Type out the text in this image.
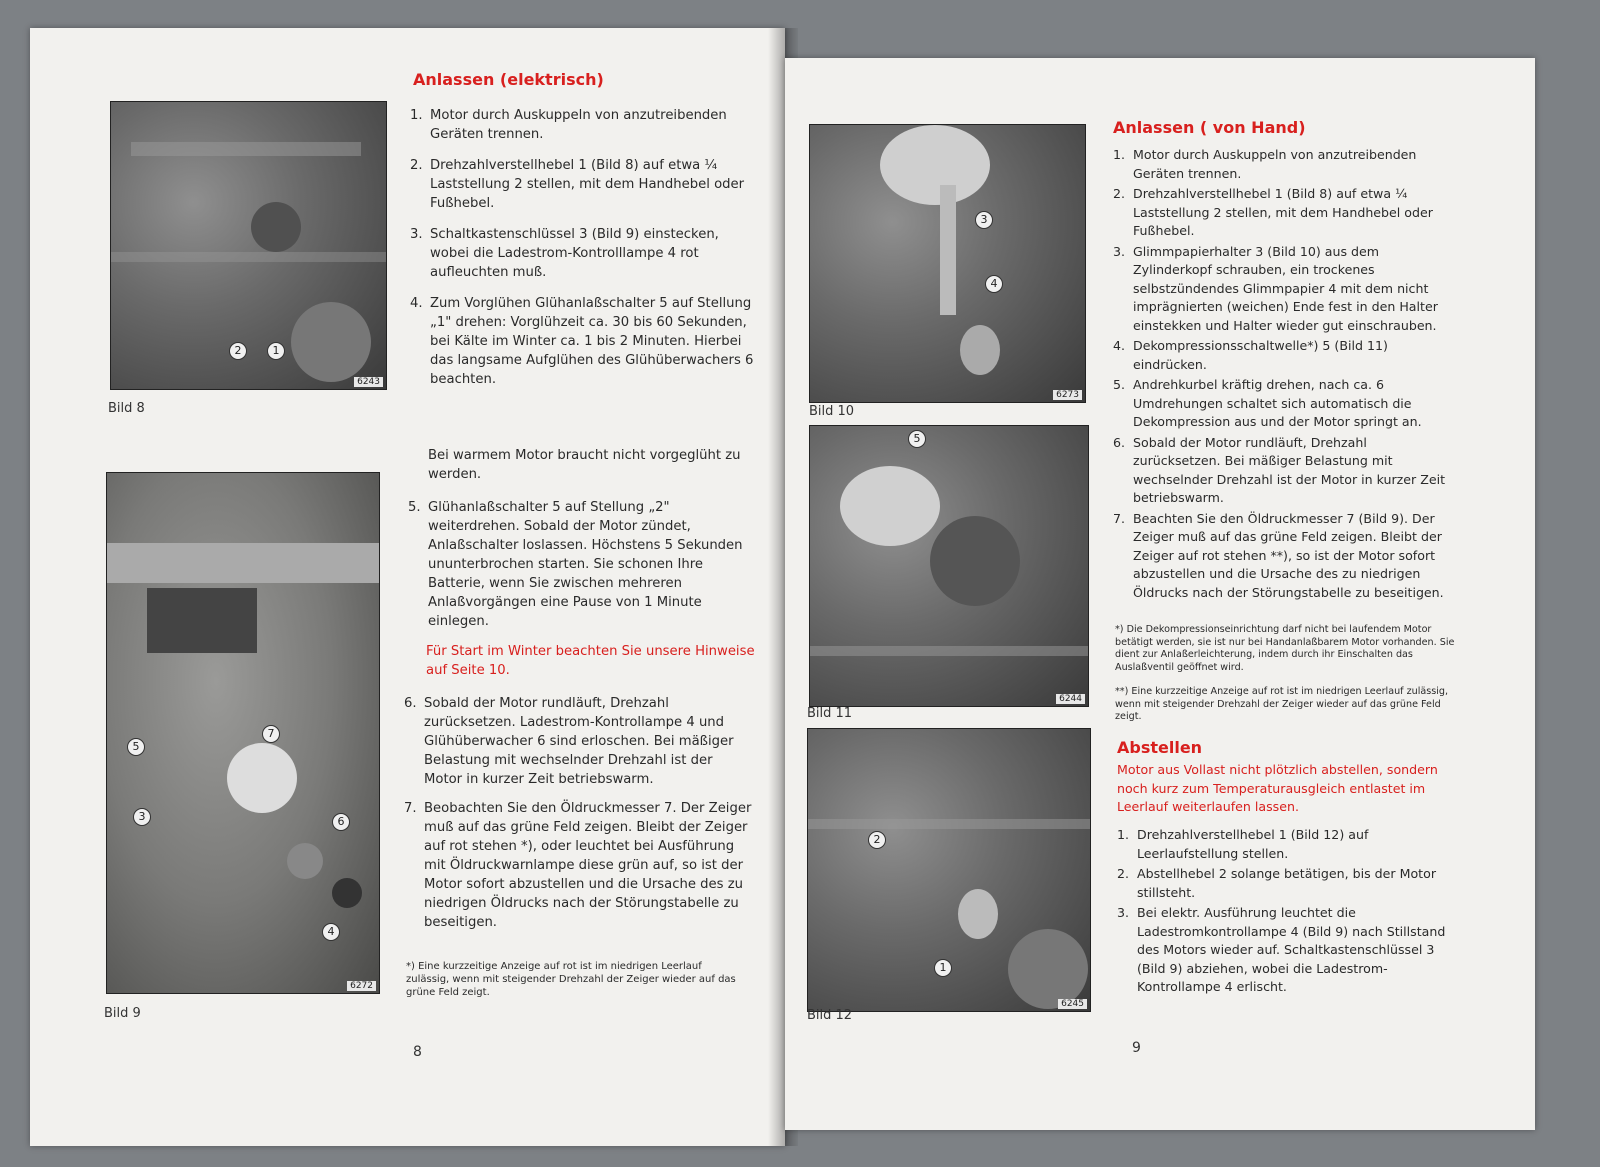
Anlassen (elektrisch)
2	1
6243
Bild 8
5
7
3	6
4
6272
Bild 9
1. Motor durch Auskuppeln von anzutreibenden Geräten trennen.
2. Drehzahlverstellhebel 1 (Bild 8) auf etwa ¼ Laststellung 2 stellen, mit dem Handhebel oder Fußhebel.
3. Schaltkastenschlüssel 3 (Bild 9) einstecken, wobei die Ladestrom-Kontrolllampe 4 rot aufleuchten muß.
4. Zum Vorglühen Glühanlaßschalter 5 auf Stellung „1" drehen: Vorglühzeit ca. 30 bis 60 Sekunden, bei Kälte im Winter ca. 1 bis 2 Minuten. Hierbei das langsame Aufglühen des Glühüberwachers 6 beachten.

Bei warmem Motor braucht nicht vorgeglüht zu werden.

5. Glühanlaßschalter 5 auf Stellung „2" weiterdrehen. Sobald der Motor zündet, Anlaßschalter loslassen. Höchstens 5 Sekunden ununterbrochen starten. Sie schonen Ihre Batterie, wenn Sie zwischen mehreren Anlaßvorgängen eine Pause von 1 Minute einlegen.

Für Start im Winter beachten Sie unsere Hinweise auf Seite 10.

6. Sobald der Motor rundläuft, Drehzahl zurücksetzen. Ladestrom-Kontrollampe 4 und Glühüberwacher 6 sind erloschen. Bei mäßiger Belastung mit wechselnder Drehzahl ist der Motor in kurzer Zeit betriebswarm.
7. Beobachten Sie den Öldruckmesser 7. Der Zeiger muß auf das grüne Feld zeigen. Bleibt der Zeiger auf rot stehen *), oder leuchtet bei Ausführung mit Öldruckwarnlampe diese grün auf, so ist der Motor sofort abzustellen und die Ursache des zu niedrigen Öldrucks nach der Störungstabelle zu beseitigen.

*) Eine kurzzeitige Anzeige auf rot ist im niedrigen Leerlauf zulässig, wenn mit steigender Drehzahl der Zeiger wieder auf das grüne Feld zeigt.

8
3
4
6273
Bild 10
5
6244
Bild 11
2
1
6245
Bild 12
Anlassen ( von Hand)
1. Motor durch Auskuppeln von anzutreibenden Geräten trennen.
2. Drehzahlverstellhebel 1 (Bild 8) auf etwa ¼ Laststellung 2 stellen, mit dem Handhebel oder Fußhebel.
3. Glimmpapierhalter 3 (Bild 10) aus dem Zylinderkopf schrauben, ein trockenes selbstzündendes Glimmpapier 4 mit dem nicht imprägnierten (weichen) Ende fest in den Halter einstekken und Halter wieder gut einschrauben.
4. Dekompressionsschaltwelle*) 5 (Bild 11) eindrücken.
5. Andrehkurbel kräftig drehen, nach ca. 6 Umdrehungen schaltet sich automatisch die Dekompression aus und der Motor springt an.
6. Sobald der Motor rundläuft, Drehzahl zurücksetzen. Bei mäßiger Belastung mit wechselnder Drehzahl ist der Motor in kurzer Zeit betriebswarm.
7. Beachten Sie den Öldruckmesser 7 (Bild 9). Der Zeiger muß auf das grüne Feld zeigen. Bleibt der Zeiger auf rot stehen **), so ist der Motor sofort abzustellen und die Ursache des zu niedrigen Öldrucks nach der Störungstabelle zu beseitigen.

*) Die Dekompressionseinrichtung darf nicht bei laufendem Motor betätigt werden, sie ist nur bei Handanlaßbarem Motor vorhanden. Sie dient zur Anlaßerleichterung, indem durch ihr Einschalten das Auslaßventil geöffnet wird.

**) Eine kurzzeitige Anzeige auf rot ist im niedrigen Leerlauf zulässig, wenn mit steigender Drehzahl der Zeiger wieder auf das grüne Feld zeigt.

Abstellen

Motor aus Vollast nicht plötzlich abstellen, sondern noch kurz zum Temperaturausgleich entlastet im Leerlauf weiterlaufen lassen.

1. Drehzahlverstellhebel 1 (Bild 12) auf Leerlaufstellung stellen.
2. Abstellhebel 2 solange betätigen, bis der Motor stillsteht.
3. Bei elektr. Ausführung leuchtet die Ladestromkontrollampe 4 (Bild 9) nach Stillstand des Motors wieder auf. Schaltkastenschlüssel 3 (Bild 9) abziehen, wobei die Ladestrom-Kontrollampe 4 erlischt.
9
